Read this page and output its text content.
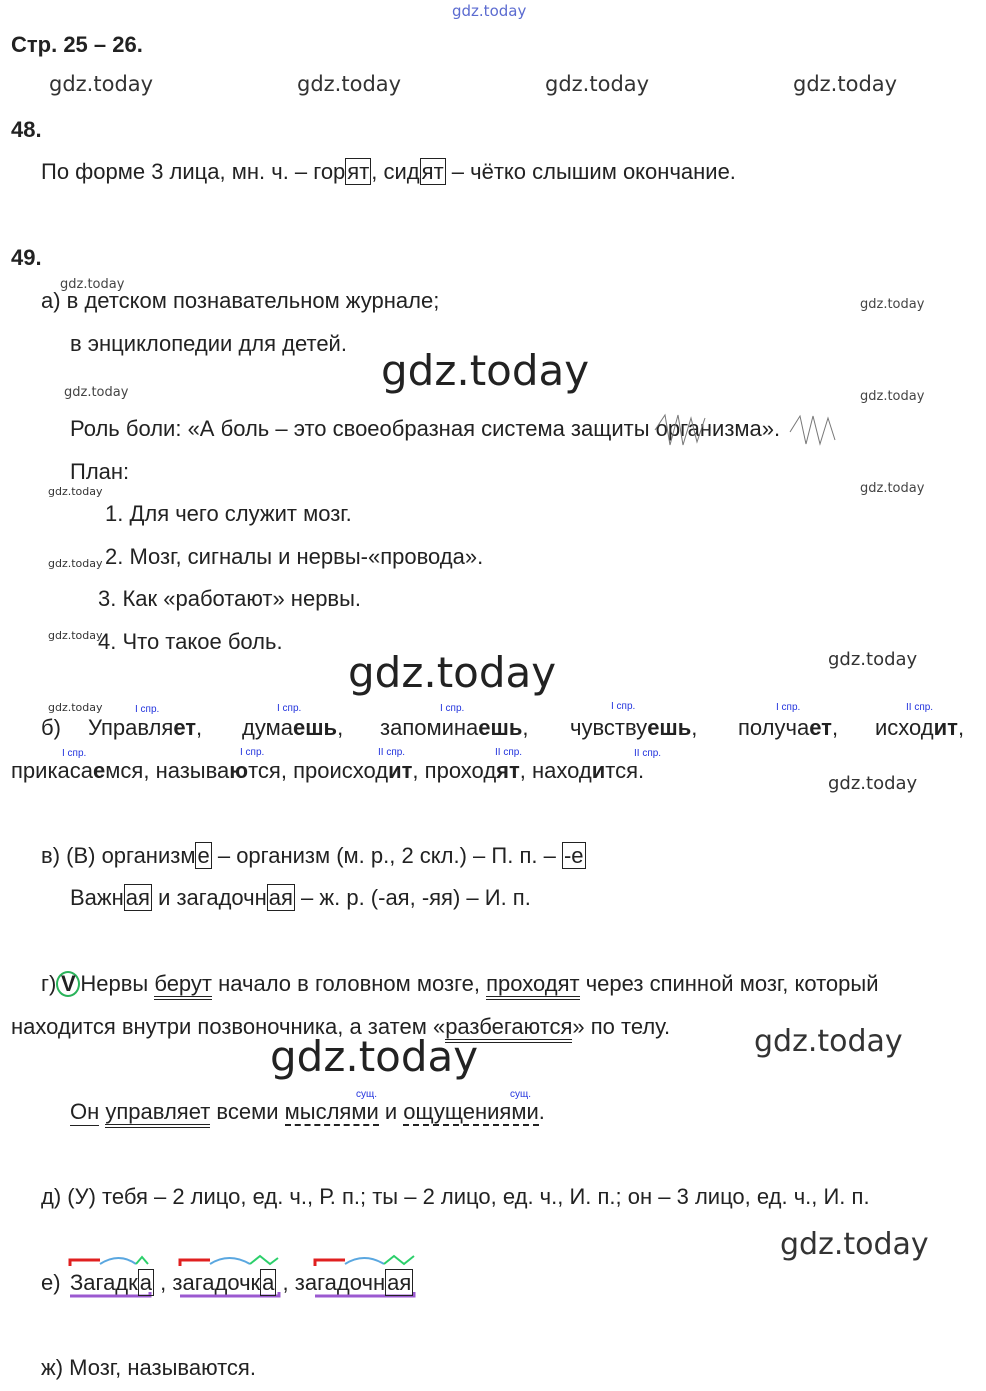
gdz.today
gdz.today	gdz.today	gdz.today	gdz.today
gdz.today
gdz.today
gdz.today
gdz.today	gdz.today
gdz.today
gdz.today
gdz.today
gdz.today
gdz.today
gdz.today
gdz.today
gdz.today
gdz.today	gdz.today
gdz.today
Стр. 25 – 26.
48.
По форме 3 лица, мн. ч. – горят, сидят – чётко слышим окончание.
49.
а) в детском познавательном журнале;
в энциклопедии для детей.
Роль боли: «А боль – это своеобразная система защиты организма».
План:
1. Для чего служит мозг.
2. Мозг, сигналы и нервы-«провода».
3. Как «работают» нервы.
4. Что такое боль.
б) Управляет, думаешь, запоминаешь, чувствуешь, получает, исходит,
I спр.	I спр.	I спр.	I спр.	I спр.	II спр.
прикасаемся, называются, происходит, проходят, находится.
I спр.	I спр.	II спр.	II спр.	II спр.
в) (В) организме – организм (м. р., 2 скл.) – П. п. – -е
Важная и загадочная – ж. р. (-ая, -яя) – И. п.
г) V Нервы берут начало в головном мозге, проходят через спинной мозг, который
находится внутри позвоночника, а затем «разбегаются» по телу.
Он управляет всеми мыслями и ощущениями.
сущ.	сущ.
д) (У) тебя – 2 лицо, ед. ч., Р. п.; ты – 2 лицо, ед. ч., И. п.; он – 3 лицо, ед. ч., И. п.
е) Загадка , загадочка , загадочная
ж) Мозг, называются.
